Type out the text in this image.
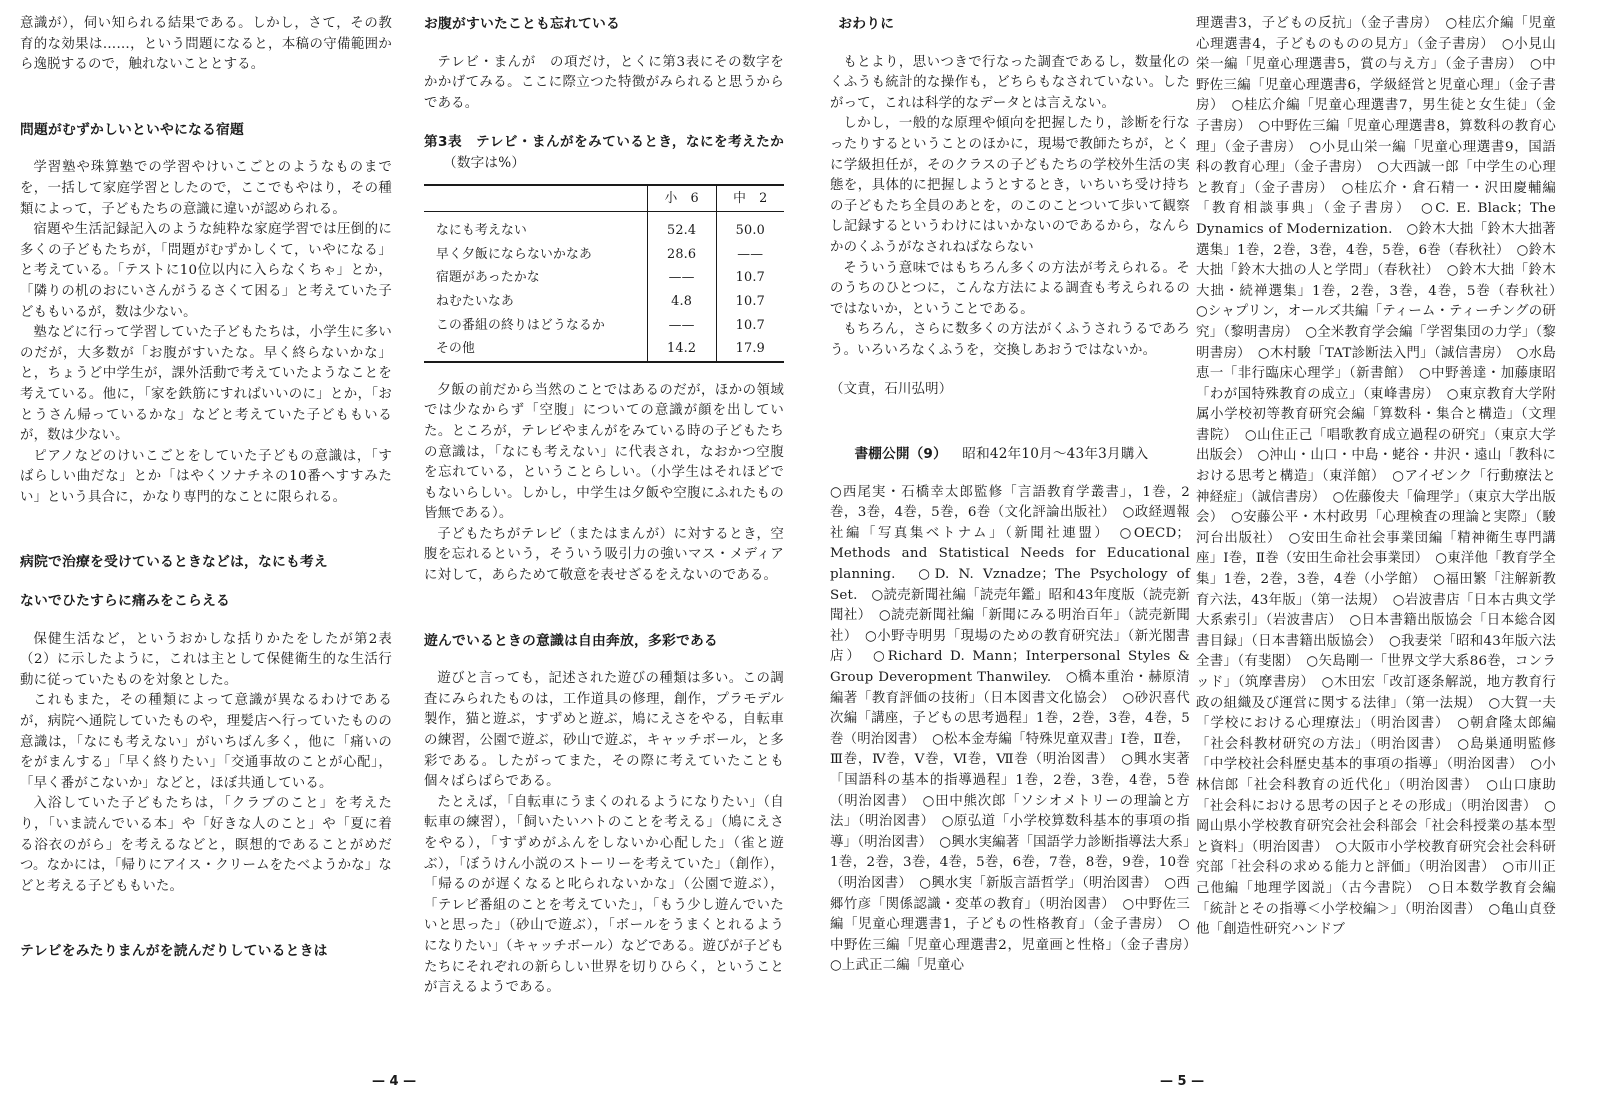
意識が），伺い知られる結果である。しかし，さて，その教育的な効果は……，という問題になると，本稿の守備範囲から逸脱するので，触れないこととする。

問題がむずかしいといやになる宿題

学習塾や珠算塾での学習やけいこごとのようなものまでを，一括して家庭学習としたので，ここでもやはり，その種類によって，子どもたちの意識に違いが認められる。

宿題や生活記録記入のような純粋な家庭学習では圧倒的に多くの子どもたちが，「問題がむずかしくて，いやになる」と考えている。「テストに10位以内に入らなくちゃ」とか，「隣りの机のおにいさんがうるさくて困る」と考えていた子どももいるが，数は少ない。

塾などに行って学習していた子どもたちは，小学生に多いのだが，大多数が「お腹がすいたな。早く終らないかな」と，ちょうど中学生が，課外活動で考えていたようなことを考えている。他に，「家を鉄筋にすればいいのに」とか，「おとうさん帰っているかな」などと考えていた子どももいるが，数は少ない。

ピアノなどのけいこごとをしていた子どもの意識は，「すばらしい曲だな」とか「はやくソナチネの10番へすすみたい」という具合に，かなり専門的なことに限られる。

病院で治療を受けているときなどは，なにも考え
ないでひたすらに痛みをこらえる

保健生活など，というおかしな括りかたをしたが第2表（2）に示したように，これは主として保健衛生的な生活行動に従っていたものを対象とした。

これもまた，その種類によって意識が異なるわけであるが，病院へ通院していたものや，理髪店へ行っていたものの意識は，「なにも考えない」がいちばん多く，他に「痛いのをがまんする」「早く終りたい」「交通事故のことが心配」，「早く番がこないか」などと，ほぼ共通している。

入浴していた子どもたちは，「クラブのこと」を考えたり，「いま読んでいる本」や「好きな人のこと」や「夏に着る浴衣のがら」を考えるなどと，瞑想的であることがめだつ。なかには，「帰りにアイス・クリームをたべようかな」などと考える子どももいた。

テレビをみたりまんがを読んだりしているときは
お腹がすいたことも忘れている

テレビ・まんが　の項だけ，とくに第3表にその数字をかかげてみる。ここに際立つた特徴がみられると思うからである。

第3表　テレビ・まんがをみているとき，なにを考えたか （数字は%）

	小　6	中　2
なにも考えない	52.4	50.0
早く夕飯にならないかなあ	28.6	——
宿題があったかな	——	10.7
ねむたいなあ	4.8	10.7
この番組の終りはどうなるか	——	10.7
その他	14.2	17.9

夕飯の前だから当然のことではあるのだが，ほかの領域では少なからず「空腹」についての意識が顔を出していた。ところが，テレビやまんがをみている時の子どもたちの意識は，「なにも考えない」に代表され，なおかつ空腹を忘れている，ということらしい。（小学生はそれほどでもないらしい。しかし，中学生は夕飯や空腹にふれたもの皆無である）。

子どもたちがテレビ（またはまんが）に対するとき，空腹を忘れるという，そういう吸引力の強いマス・メディアに対して，あらためて敬意を表せざるをえないのである。

遊んでいるときの意識は自由奔放，多彩である

遊びと言っても，記述された遊びの種類は多い。この調査にみられたものは，工作道具の修理，創作，プラモデル製作，猫と遊ぶ，すずめと遊ぶ，鳩にえさをやる，自転車の練習，公園で遊ぶ，砂山で遊ぶ，キャッチボール，と多彩である。したがってまた，その際に考えていたことも個々ばらばらである。

たとえば，「自転車にうまくのれるようになりたい」（自転車の練習），「飼いたいハトのことを考える」（鳩にえさをやる），「すずめがふんをしないか心配した」（雀と遊ぶ），「ぼうけん小説のストーリーを考えていた」（創作），「帰るのが遅くなると叱られないかな」（公園で遊ぶ），「テレビ番組のことを考えていた」，「もう少し遊んでいたいと思った」（砂山で遊ぶ），「ボールをうまくとれるようになりたい」（キャッチボール）などである。遊びが子どもたちにそれぞれの新らしい世界を切りひらく，ということが言えるようである。

— 4 —
おわりに

もとより，思いつきで行なった調査であるし，数量化のくふうも統計的な操作も，どちらもなされていない。したがって，これは科学的なデータとは言えない。

しかし，一般的な原理や傾向を把握したり，診断を行なったりするということのほかに，現場で教師たちが，とくに学級担任が，そのクラスの子どもたちの学校外生活の実態を，具体的に把握しようとするとき，いちいち受け持ちの子どもたち全員のあとを，のこのことついて歩いて観察し記録するというわけにはいかないのであるから，なんらかのくふうがなされねばならない

そういう意味ではもちろん多くの方法が考えられる。そのうちのひとつに，こんな方法による調査も考えられるのではないか，ということである。

もちろん，さらに数多くの方法がくふうされうるであろう。いろいろなくふうを，交換しあおうではないか。

（文責，石川弘明）

書棚公開（9） 昭和42年10月～43年3月購入

○西尾実・石橋幸太郎監修「言語教育学叢書」，1巻，2巻，3巻，4巻，5巻，6巻（文化評論出版社）　○政経週報社編「写真集ベトナム」（新聞社連盟）　○OECD；Methods and Statistical Needs for Educational planning.　○D. N. Vznadze；The Psychology of Set.　○読売新聞社編「読売年鑑」昭和43年度版（読売新聞社）　○読売新聞社編「新聞にみる明治百年」（読売新聞社）　○小野寺明男「現場のための教育研究法」（新光閣書店）　○Richard D. Mann；Interpersonal Styles & Group Deveropment Thanwiley.　○橋本重治・赫原清編著「教育評価の技術」（日本図書文化協会）　○砂沢喜代次編「講座，子どもの思考過程」1巻，2巻，3巻，4巻，5巻（明治図書）　○松本金寿編「特殊児童双書」Ⅰ巻，Ⅱ巻，Ⅲ巻，Ⅳ巻，Ⅴ巻，Ⅵ巻，Ⅶ巻（明治図書）　○興水実著「国語科の基本的指導過程」1巻，2巻，3巻，4巻，5巻（明治図書）　○田中熊次郎「ソシオメトリーの理論と方法」（明治図書）　○原弘道「小学校算数科基本的事項の指導」（明治図書）　○興水実編著「国語学力診断指導法大系」1巻，2巻，3巻，4巻，5巻，6巻，7巻，8巻，9巻，10巻（明治図書）　○興水実「新版言語哲学」（明治図書）　○西郷竹彦「関係認識・変革の教育」（明治図書）　○中野佐三編「児童心理選書1，子どもの性格教育」（金子書房）　○中野佐三編「児童心理選書2，児童画と性格」（金子書房）　○上武正二編「児童心

理選書3，子どもの反抗」（金子書房）　○桂広介編「児童心理選書4，子どものものの見方」（金子書房）　○小見山栄一編「児童心理選書5，賞の与え方」（金子書房）　○中野佐三編「児童心理選書6，学級経営と児童心理」（金子書房）　○桂広介編「児童心理選書7，男生徒と女生徒」（金子書房）　○中野佐三編「児童心理選書8，算数科の教育心理」（金子書房）　○小見山栄一編「児童心理選書9，国語科の教育心理」（金子書房）　○大西誠一郎「中学生の心理と教育」（金子書房）　○桂広介・倉石精一・沢田慶輔編「教育相談事典」（金子書房）　○C. E. Black；The Dynamics of Modernization.　○鈴木大拙「鈴木大拙著選集」1巻，2巻，3巻，4巻，5巻，6巻（春秋社）　○鈴木大拙「鈴木大拙の人と学問」（春秋社）　○鈴木大拙「鈴木大拙・続禅選集」1巻，2巻，3巻，4巻，5巻（春秋社）　○シャプリン，オールズ共編「ティーム・ティーチングの研究」（黎明書房）　○全米教育学会編「学習集団の力学」（黎明書房）　○木村駿「TAT診断法入門」（誠信書房）　○水島恵一「非行臨床心理学」（新書館）　○中野善達・加藤康昭「わが国特殊教育の成立」（東峰書房）　○東京教育大学附属小学校初等教育研究会編「算数科・集合と構造」（文理書院）　○山住正己「唱歌教育成立過程の研究」（東京大学出版会）　○沖山・山口・中島・蛯谷・井沢・遠山「教科における思考と構造」（東洋館）　○アイゼンク「行動療法と神経症」（誠信書房）　○佐藤俊夫「倫理学」（東京大学出版会）　○安藤公平・木村政男「心理検査の理論と実際」（駿河台出版社）　○安田生命社会事業団編「精神衛生専門講座」Ⅰ巻，Ⅱ巻（安田生命社会事業団）　○東洋他「教育学全集」1巻，2巻，3巻，4巻（小学館）　○福田繁「注解新教育六法，43年版」（第一法規）　○岩波書店「日本古典文学大系索引」（岩波書店）　○日本書籍出版協会「日本総合図書目録」（日本書籍出版協会）　○我妻栄「昭和43年版六法全書」（有斐閣）　○矢島剛一「世界文学大系86巻，コンラッド」（筑摩書房）　○木田宏「改訂逐条解説，地方教育行政の組織及び運営に関する法律」（第一法規）　○大賀一夫「学校における心理療法」（明治図書）　○朝倉隆太郎編「社会科教材研究の方法」（明治図書）　○島巣通明監修「中学校社会科歴史基本的事項の指導」（明治図書）　○小林信郎「社会科教育の近代化」（明治図書）　○山口康助「社会科における思考の因子とその形成」（明治図書）　○岡山県小学校教育研究会社会科部会「社会科授業の基本型と資料」（明治図書）　○大阪市小学校教育研究会社会科研究部「社会科の求める能力と評価」（明治図書）　○市川正己他編「地理学図説」（古今書院）　○日本数学教育会編「統計とその指導＜小学校編＞」（明治図書）　○亀山貞登他「創造性研究ハンドブ

— 5 —
